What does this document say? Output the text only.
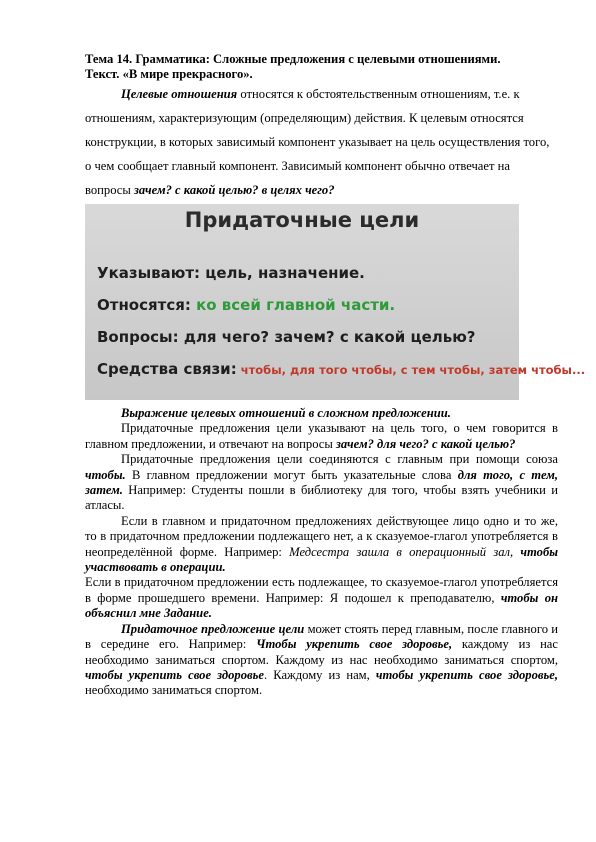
Тема 14. Грамматика: Сложные предложения с целевыми отношениями.

Текст. «В мире прекрасного».

Целевые отношения относятся к обстоятельственным отношениям, т.е. к отношениям, характеризующим (определяющим) действия. К целевым относятся конструкции, в которых зависимый компонент указывает на цель осуществления того, о чем сообщает главный компонент. Зависимый компонент обычно отвечает на вопросы зачем? с какой целью? в целях чего?

Придаточные цели
Указывают: цель, назначение.
Относятся: ко всей главной части.
Вопросы: для чего? зачем? с какой целью?
Средства связи: чтобы, для того чтобы, с тем чтобы, затем чтобы...

Выражение целевых отношений в сложном предложении.

Придаточные предложения цели указывают на цель того, о чем говорится в главном предложении, и отвечают на вопросы зачем? для чего? с какой целью?

Придаточные предложения цели соединяются с главным при помощи союза чтобы. В главном предложении могут быть указательные слова для того, с тем, затем. Например: Студенты пошли в библиотеку для того, чтобы взять учебники и атласы.

Если в главном и придаточном предложениях действующее лицо одно и то же, то в придаточном предложении подлежащего нет, а к сказуемое-глагол употребляется в неопределённой форме. Например: Медсестра зашла в операционный зал, чтобы участвовать в операции.

Если в придаточном предложении есть подлежащее, то сказуемое-глагол употребляется в форме прошедшего времени. Например: Я подошел к преподавателю, чтобы он объяснил мне Задание.

Придаточное предложение цели может стоять перед главным, после главного и в середине его. Например: Чтобы укрепить свое здоровье, каждому из нас необходимо заниматься спортом. Каждому из нас необходимо заниматься спортом, чтобы укрепить свое здоровье. Каждому из нам, чтобы укрепить свое здоровье, необходимо заниматься спортом.
